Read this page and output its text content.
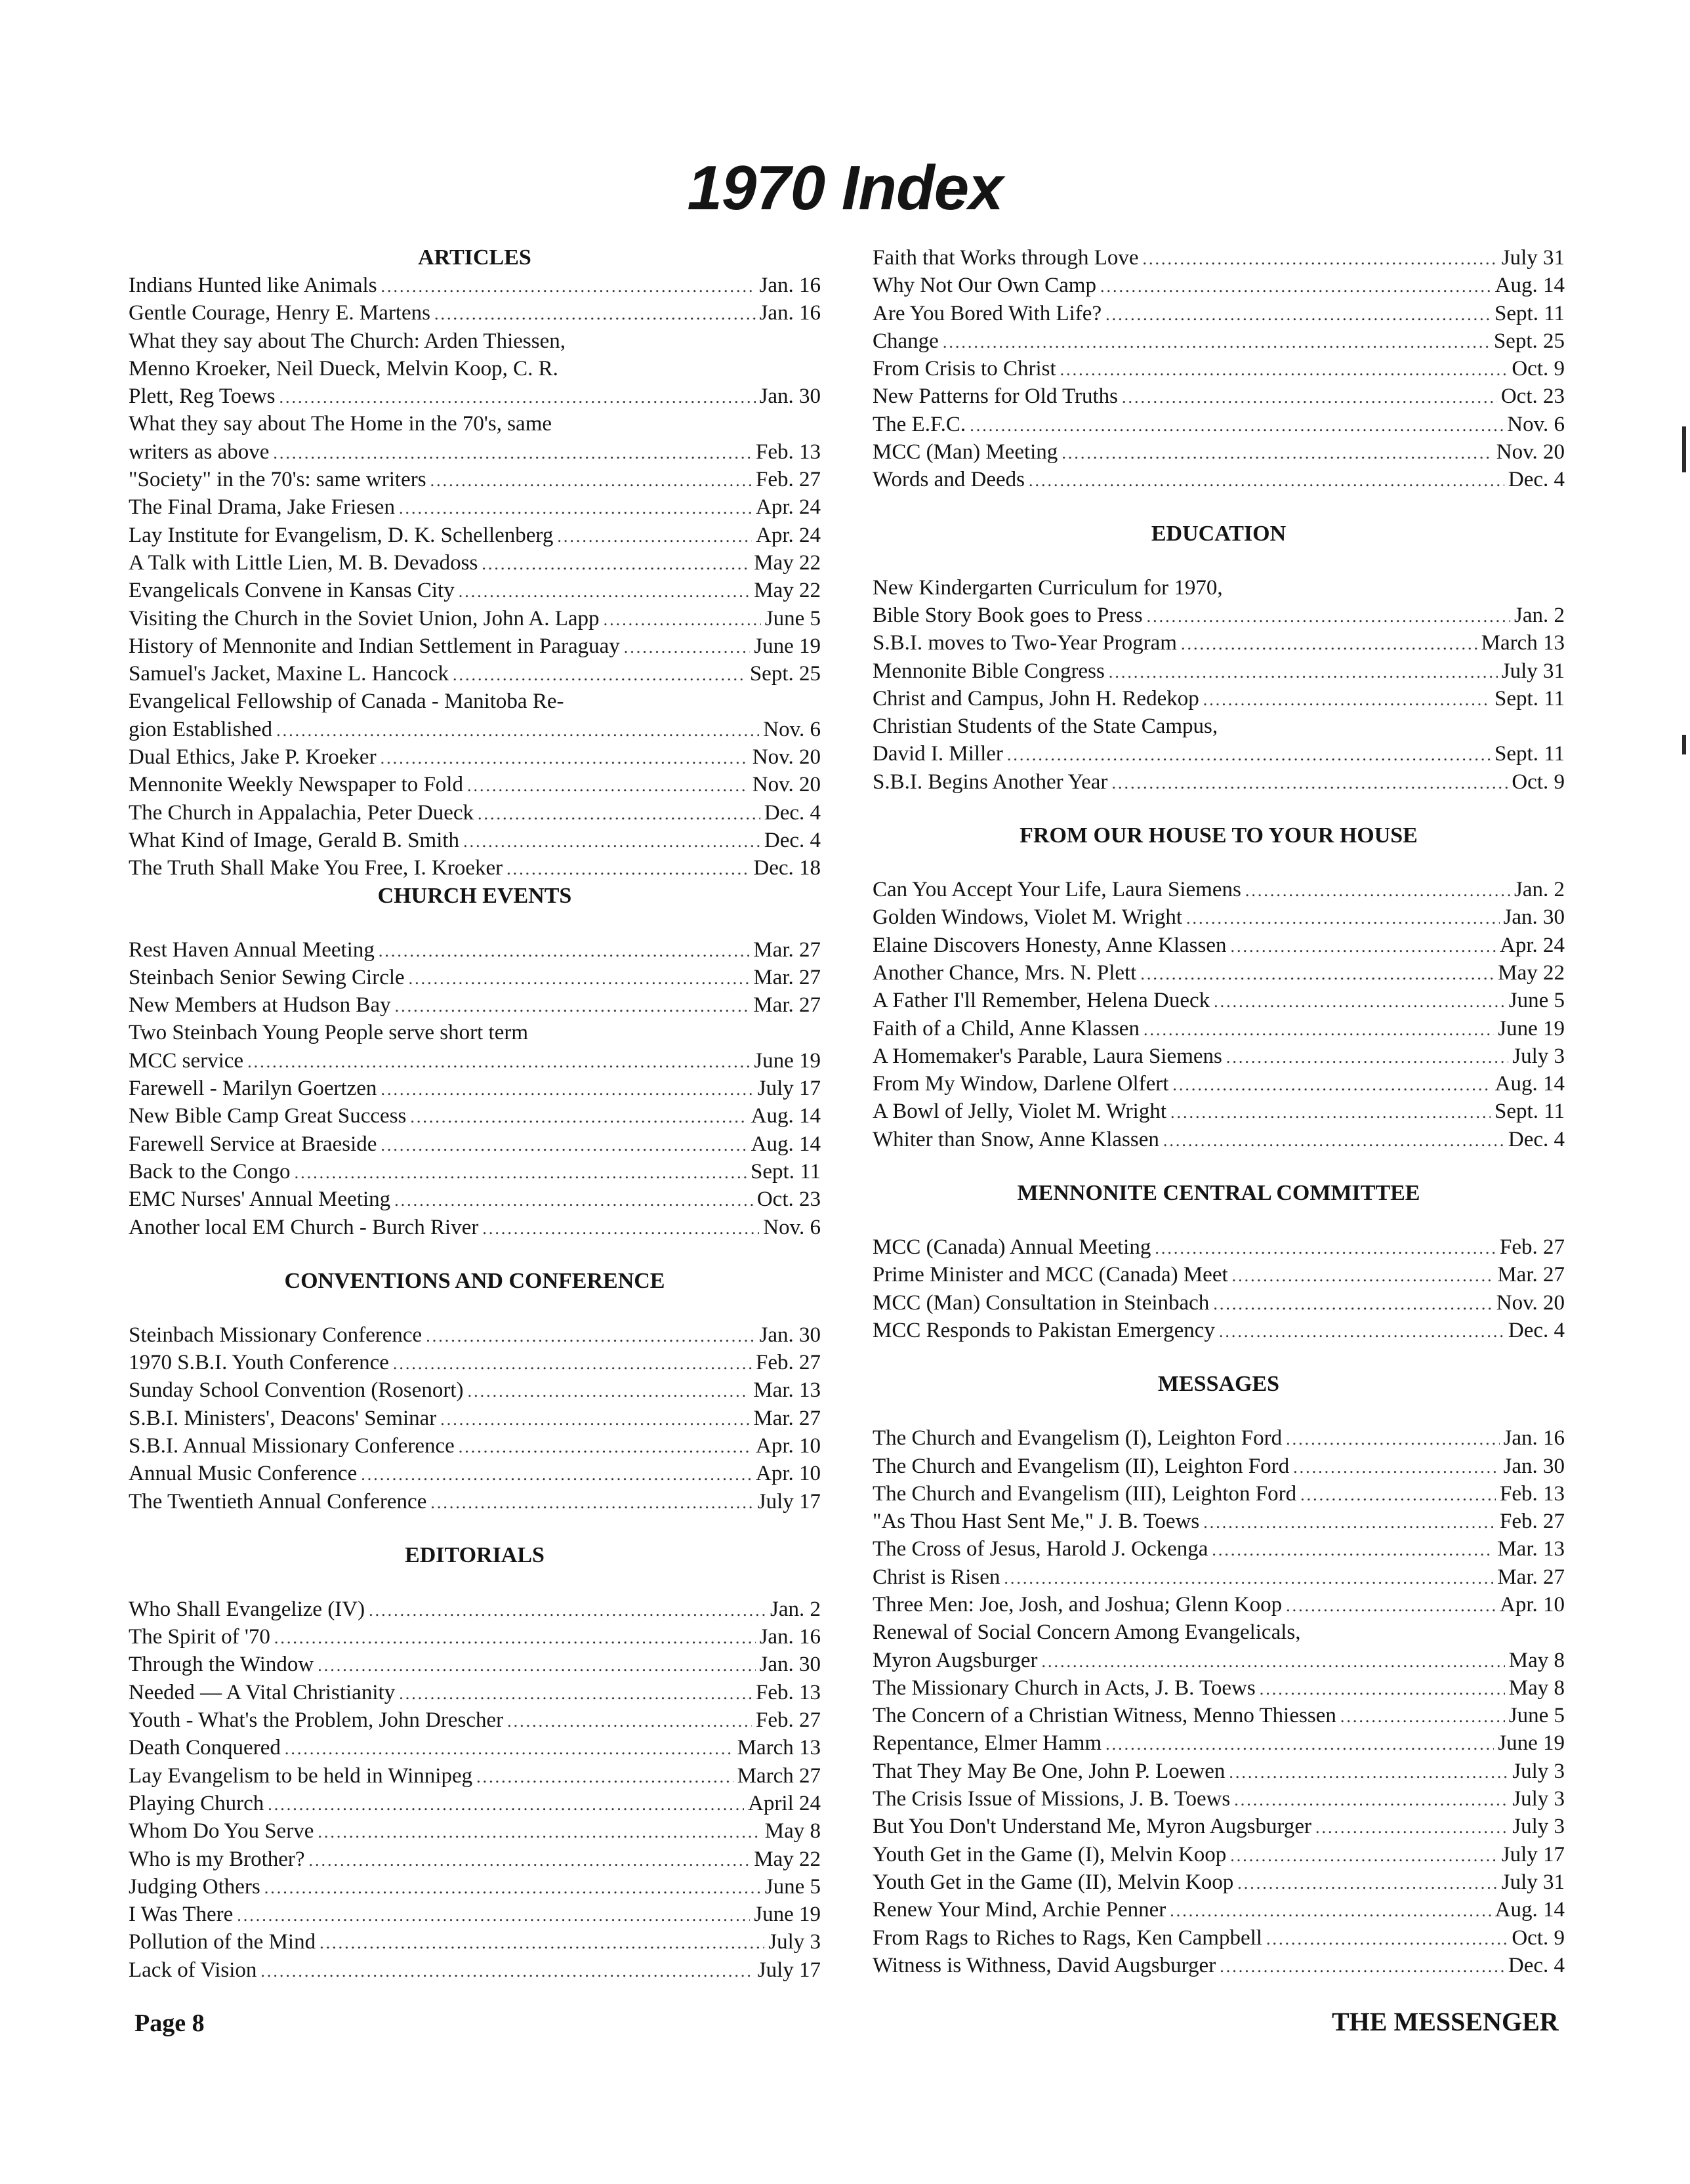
1970 Index
ARTICLES
Indians Hunted like Animals .....	Jan. 16
Gentle Courage, Henry E. Martens .....	Jan. 16
What they say about The Church: Arden Thiessen,
Menno Kroeker, Neil Dueck, Melvin Koop, C. R.
Plett, Reg Toews .....	Jan. 30
What they say about The Home in the 70's, same
writers as above .....	Feb. 13
"Society" in the 70's: same writers .....	Feb. 27
The Final Drama, Jake Friesen .....	Apr. 24
Lay Institute for Evangelism, D. K. Schellenberg .....	Apr. 24
A Talk with Little Lien, M. B. Devadoss .....	May 22
Evangelicals Convene in Kansas City .....	May 22
Visiting the Church in the Soviet Union, John A. Lapp .....	June 5
History of Mennonite and Indian Settlement in Paraguay .....	June 19
Samuel's Jacket, Maxine L. Hancock .....	Sept. 25
Evangelical Fellowship of Canada - Manitoba Re-
gion Established .....	Nov. 6
Dual Ethics, Jake P. Kroeker .....	Nov. 20
Mennonite Weekly Newspaper to Fold .....	Nov. 20
The Church in Appalachia, Peter Dueck .....	Dec. 4
What Kind of Image, Gerald B. Smith .....	Dec. 4
The Truth Shall Make You Free, I. Kroeker .....	Dec. 18
CHURCH EVENTS
Rest Haven Annual Meeting .....	Mar. 27
Steinbach Senior Sewing Circle .....	Mar. 27
New Members at Hudson Bay .....	Mar. 27
Two Steinbach Young People serve short term
MCC service .....	June 19
Farewell - Marilyn Goertzen .....	July 17
New Bible Camp Great Success .....	Aug. 14
Farewell Service at Braeside .....	Aug. 14
Back to the Congo .....	Sept. 11
EMC Nurses' Annual Meeting .....	Oct. 23
Another local EM Church - Burch River .....	Nov. 6
CONVENTIONS AND CONFERENCE
Steinbach Missionary Conference .....	Jan. 30
1970 S.B.I. Youth Conference .....	Feb. 27
Sunday School Convention (Rosenort) .....	Mar. 13
S.B.I. Ministers', Deacons' Seminar .....	Mar. 27
S.B.I. Annual Missionary Conference .....	Apr. 10
Annual Music Conference .....	Apr. 10
The Twentieth Annual Conference .....	July 17
EDITORIALS
Who Shall Evangelize (IV) .....	Jan. 2
The Spirit of '70 .....	Jan. 16
Through the Window .....	Jan. 30
Needed — A Vital Christianity .....	Feb. 13
Youth - What's the Problem, John Drescher .....	Feb. 27
Death Conquered .....	March 13
Lay Evangelism to be held in Winnipeg .....	March 27
Playing Church .....	April 24
Whom Do You Serve .....	May 8
Who is my Brother? .....	May 22
Judging Others .....	June 5
I Was There .....	June 19
Pollution of the Mind .....	July 3
Lack of Vision .....	July 17
Faith that Works through Love .....	July 31
Why Not Our Own Camp .....	Aug. 14
Are You Bored With Life? .....	Sept. 11
Change .....	Sept. 25
From Crisis to Christ .....	Oct. 9
New Patterns for Old Truths .....	Oct. 23
The E.F.C. .....	Nov. 6
MCC (Man) Meeting .....	Nov. 20
Words and Deeds .....	Dec. 4
EDUCATION
New Kindergarten Curriculum for 1970,
Bible Story Book goes to Press .....	Jan. 2
S.B.I. moves to Two-Year Program .....	March 13
Mennonite Bible Congress .....	July 31
Christ and Campus, John H. Redekop .....	Sept. 11
Christian Students of the State Campus,
David I. Miller .....	Sept. 11
S.B.I. Begins Another Year .....	Oct. 9
FROM OUR HOUSE TO YOUR HOUSE
Can You Accept Your Life, Laura Siemens .....	Jan. 2
Golden Windows, Violet M. Wright .....	Jan. 30
Elaine Discovers Honesty, Anne Klassen .....	Apr. 24
Another Chance, Mrs. N. Plett .....	May 22
A Father I'll Remember, Helena Dueck .....	June 5
Faith of a Child, Anne Klassen .....	June 19
A Homemaker's Parable, Laura Siemens .....	July 3
From My Window, Darlene Olfert .....	Aug. 14
A Bowl of Jelly, Violet M. Wright .....	Sept. 11
Whiter than Snow, Anne Klassen .....	Dec. 4
MENNONITE CENTRAL COMMITTEE
MCC (Canada) Annual Meeting .....	Feb. 27
Prime Minister and MCC (Canada) Meet .....	Mar. 27
MCC (Man) Consultation in Steinbach .....	Nov. 20
MCC Responds to Pakistan Emergency .....	Dec. 4
MESSAGES
The Church and Evangelism (I), Leighton Ford .....	Jan. 16
The Church and Evangelism (II), Leighton Ford .....	Jan. 30
The Church and Evangelism (III), Leighton Ford .....	Feb. 13
"As Thou Hast Sent Me," J. B. Toews .....	Feb. 27
The Cross of Jesus, Harold J. Ockenga .....	Mar. 13
Christ is Risen .....	Mar. 27
Three Men: Joe, Josh, and Joshua; Glenn Koop .....	Apr. 10
Renewal of Social Concern Among Evangelicals,
Myron Augsburger .....	May 8
The Missionary Church in Acts, J. B. Toews .....	May 8
The Concern of a Christian Witness, Menno Thiessen .....	June 5
Repentance, Elmer Hamm .....	June 19
That They May Be One, John P. Loewen .....	July 3
The Crisis Issue of Missions, J. B. Toews .....	July 3
But You Don't Understand Me, Myron Augsburger .....	July 3
Youth Get in the Game (I), Melvin Koop .....	July 17
Youth Get in the Game (II), Melvin Koop .....	July 31
Renew Your Mind, Archie Penner .....	Aug. 14
From Rags to Riches to Rags, Ken Campbell .....	Oct. 9
Witness is Withness, David Augsburger .....	Dec. 4
Page 8	THE MESSENGER
